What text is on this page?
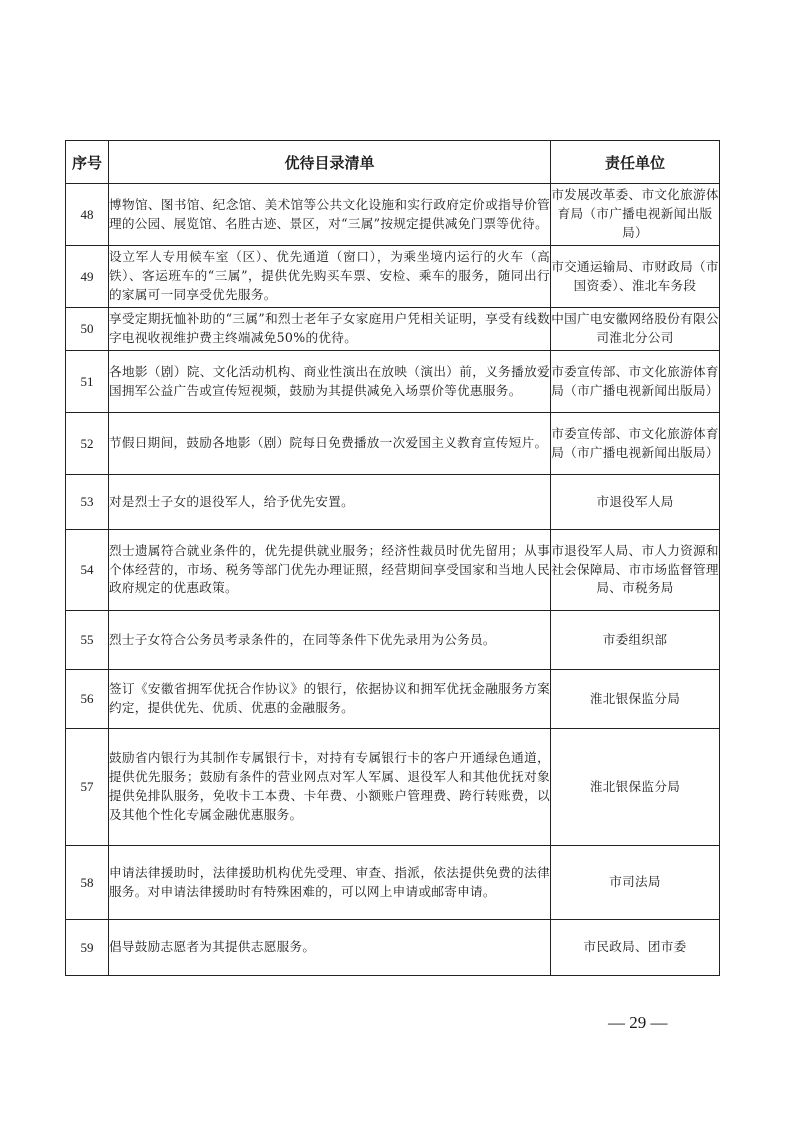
序号	优待目录清单	责任单位
48	博物馆、图书馆、纪念馆、美术馆等公共文化设施和实行政府定价或指导价管理的公园、展览馆、名胜古迹、景区，对“三属”按规定提供减免门票等优待。	市发展改革委、市文化旅游体育局（市广播电视新闻出版局）
49	设立军人专用候车室（区）、优先通道（窗口），为乘坐境内运行的火车（高铁）、客运班车的“三属”，提供优先购买车票、安检、乘车的服务，随同出行的家属可一同享受优先服务。	市交通运输局、市财政局（市国资委）、淮北车务段
50	享受定期抚恤补助的“三属”和烈士老年子女家庭用户凭相关证明，享受有线数字电视收视维护费主终端减免50%的优待。	中国广电安徽网络股份有限公司淮北分公司
51	各地影（剧）院、文化活动机构、商业性演出在放映（演出）前，义务播放爱国拥军公益广告或宣传短视频，鼓励为其提供减免入场票价等优惠服务。	市委宣传部、市文化旅游体育局（市广播电视新闻出版局）
52	节假日期间，鼓励各地影（剧）院每日免费播放一次爱国主义教育宣传短片。	市委宣传部、市文化旅游体育局（市广播电视新闻出版局）
53	对是烈士子女的退役军人，给予优先安置。	市退役军人局
54	烈士遗属符合就业条件的，优先提供就业服务；经济性裁员时优先留用；从事个体经营的，市场、税务等部门优先办理证照，经营期间享受国家和当地人民政府规定的优惠政策。	市退役军人局、市人力资源和社会保障局、市市场监督管理局、市税务局
55	烈士子女符合公务员考录条件的，在同等条件下优先录用为公务员。	市委组织部
56	签订《安徽省拥军优抚合作协议》的银行，依据协议和拥军优抚金融服务方案约定，提供优先、优质、优惠的金融服务。	淮北银保监分局
57	鼓励省内银行为其制作专属银行卡，对持有专属银行卡的客户开通绿色通道，提供优先服务；鼓励有条件的营业网点对军人军属、退役军人和其他优抚对象提供免排队服务，免收卡工本费、卡年费、小额账户管理费、跨行转账费，以及其他个性化专属金融优惠服务。	淮北银保监分局
58	申请法律援助时，法律援助机构优先受理、审查、指派，依法提供免费的法律服务。对申请法律援助时有特殊困难的，可以网上申请或邮寄申请。	市司法局
59	倡导鼓励志愿者为其提供志愿服务。	市民政局、团市委
— 29 —
